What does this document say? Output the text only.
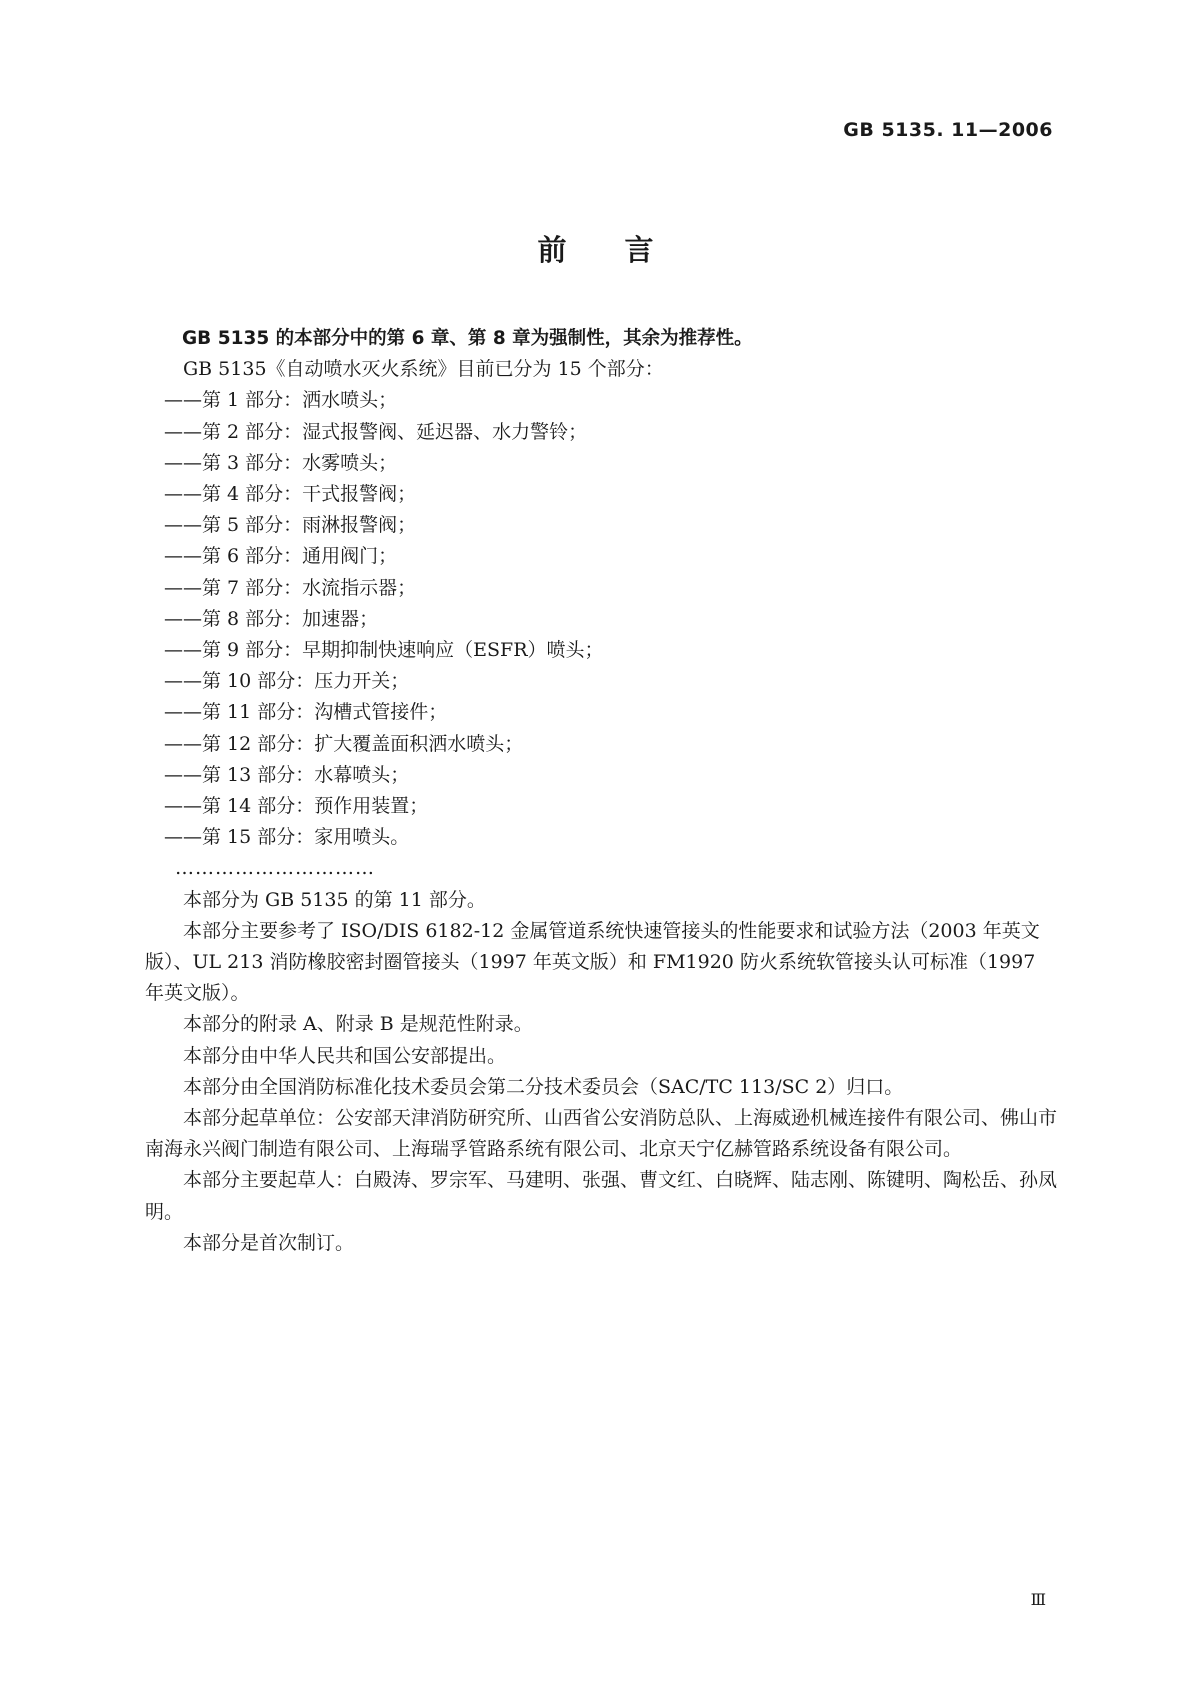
GB 5135. 11—2006
前言

GB 5135 的本部分中的第 6 章、第 8 章为强制性，其余为推荐性。

GB 5135《自动喷水灭火系统》目前已分为 15 个部分：

——第 1 部分：洒水喷头；

——第 2 部分：湿式报警阀、延迟器、水力警铃；

——第 3 部分：水雾喷头；

——第 4 部分：干式报警阀；

——第 5 部分：雨淋报警阀；

——第 6 部分：通用阀门；

——第 7 部分：水流指示器；

——第 8 部分：加速器；

——第 9 部分：早期抑制快速响应（ESFR）喷头；

——第 10 部分：压力开关；

——第 11 部分：沟槽式管接件；

——第 12 部分：扩大覆盖面积洒水喷头；

——第 13 部分：水幕喷头；

——第 14 部分：预作用装置；

——第 15 部分：家用喷头。

…………………………

本部分为 GB 5135 的第 11 部分。

本部分主要参考了 ISO/DIS 6182-12 金属管道系统快速管接头的性能要求和试验方法（2003 年英文版）、UL 213 消防橡胶密封圈管接头（1997 年英文版）和 FM1920 防火系统软管接头认可标准（1997 年英文版）。

本部分的附录 A、附录 B 是规范性附录。

本部分由中华人民共和国公安部提出。

本部分由全国消防标准化技术委员会第二分技术委员会（SAC/TC 113/SC 2）归口。

本部分起草单位：公安部天津消防研究所、山西省公安消防总队、上海威逊机械连接件有限公司、佛山市南海永兴阀门制造有限公司、上海瑞孚管路系统有限公司、北京天宁亿赫管路系统设备有限公司。

本部分主要起草人：白殿涛、罗宗军、马建明、张强、曹文红、白晓辉、陆志刚、陈键明、陶松岳、孙凤明。

本部分是首次制订。

Ⅲ
